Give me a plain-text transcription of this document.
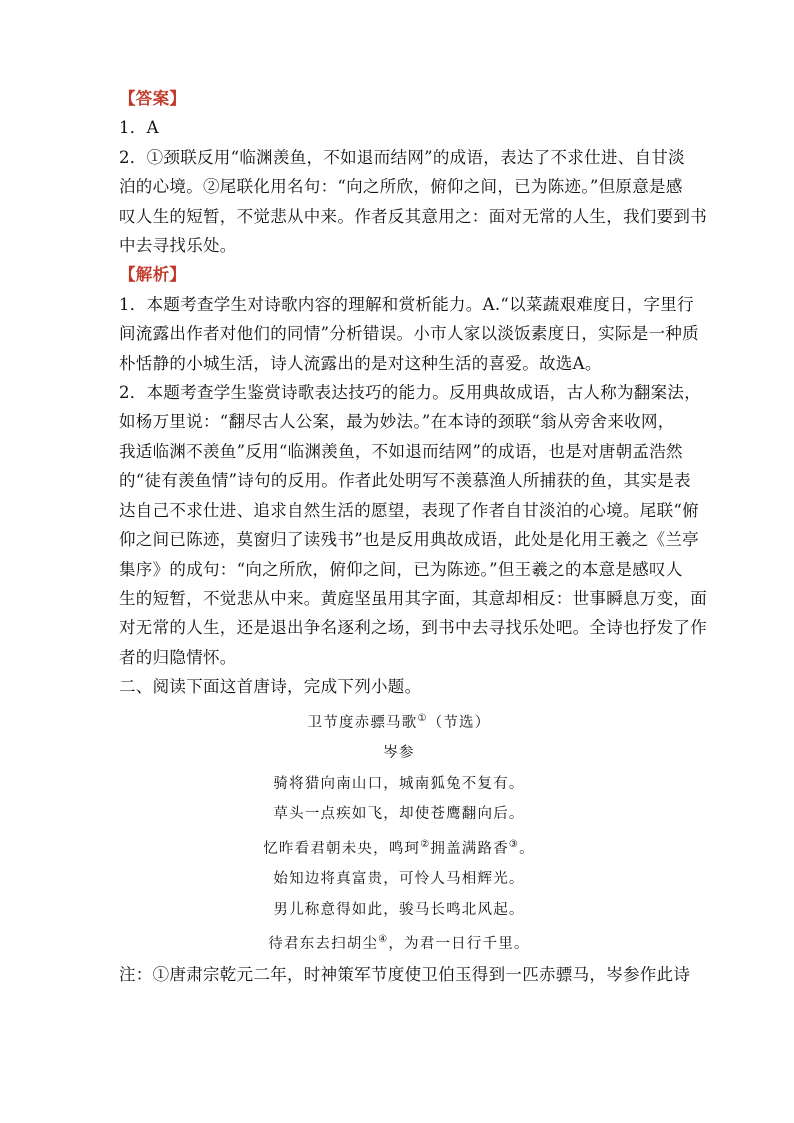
【答案】
1．A
2．①颈联反用“临渊羡鱼，不如退而结网”的成语，表达了不求仕进、自甘淡
泊的心境。②尾联化用名句：“向之所欣，俯仰之间，已为陈迹。”但原意是感
叹人生的短暂，不觉悲从中来。作者反其意用之：面对无常的人生，我们要到书
中去寻找乐处。
【解析】
1．本题考查学生对诗歌内容的理解和赏析能力。A.“以菜蔬艰难度日，字里行
间流露出作者对他们的同情”分析错误。小市人家以淡饭素度日，实际是一种质
朴恬静的小城生活，诗人流露出的是对这种生活的喜爱。故选A。
2．本题考查学生鉴赏诗歌表达技巧的能力。反用典故成语，古人称为翻案法，
如杨万里说：“翻尽古人公案，最为妙法。”在本诗的颈联“翁从旁舍来收网，
我适临渊不羡鱼”反用“临渊羡鱼，不如退而结网”的成语，也是对唐朝孟浩然
的“徒有羡鱼情”诗句的反用。作者此处明写不羡慕渔人所捕获的鱼，其实是表
达自己不求仕进、追求自然生活的愿望，表现了作者自甘淡泊的心境。尾联“俯
仰之间已陈迹，莫窗归了读残书”也是反用典故成语，此处是化用王羲之《兰亭
集序》的成句：“向之所欣，俯仰之间，已为陈迹。”但王羲之的本意是感叹人
生的短暂，不觉悲从中来。黄庭坚虽用其字面，其意却相反：世事瞬息万变，面
对无常的人生，还是退出争名逐利之场，到书中去寻找乐处吧。全诗也抒发了作
者的归隐情怀。
二、阅读下面这首唐诗，完成下列小题。
卫节度赤骠马歌①（节选）
岑参
骑将猎向南山口，城南狐兔不复有。
草头一点疾如飞，却使苍鹰翻向后。
忆昨看君朝未央，鸣珂②拥盖满路香③。
始知边将真富贵，可怜人马相辉光。
男儿称意得如此，骏马长鸣北风起。
待君东去扫胡尘④，为君一日行千里。
注：①唐肃宗乾元二年，时神策军节度使卫伯玉得到一匹赤骠马，岑参作此诗
